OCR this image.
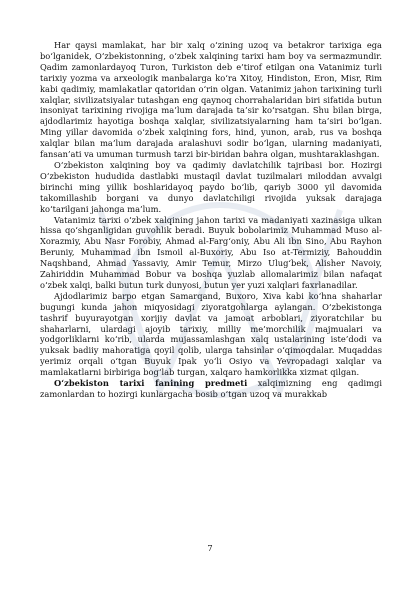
Har qaysi mamlakat, har bir xalq o‘zining uzoq va betakror tarixiga ega bo‘lganidek, O‘zbekistonning, o‘zbek xalqining tarixi ham boy va sermazmundir. Qadim zamonlardayoq Turon, Turkiston deb e’tirof etilgan ona Vatanimiz turli tarixiy yozma va arxeologik manbalarga ko‘ra Xitoy, Hindiston, Eron, Misr, Rim kabi qadimiy, mamlakatlar qatoridan o‘rin olgan. Vatanimiz jahon tarixining turli xalqlar, sivilizatsiyalar tutashgan eng qaynoq chorrahalaridan biri sifatida butun insoniyat tarixining rivojiga ma’lum darajada ta’sir ko‘rsatgan. Shu bilan birga, ajdodlarimiz hayotiga boshqa xalqlar, sivilizatsiyalarning ham ta’siri bo‘lgan. Ming yillar davomida o‘zbek xalqining fors, hind, yunon, arab, rus va boshqa xalqlar bilan ma’lum darajada aralashuvi sodir bo‘lgan, ularning madaniyati, fansan’ati va umuman turmush tarzi bir-biridan bahra olgan, mushtaraklashgan.

O‘zbekiston xalqining boy va qadimiy davlatchilik tajribasi bor. Hozirgi O‘zbekiston hududida dastlabki mustaqil davlat tuzilmalari miloddan avvalgi birinchi ming yillik boshlaridayoq paydo bo‘lib, qariyb 3000 yil davomida takomillashib borgani va dunyo davlatchiligi rivojida yuksak darajaga ko‘tarilgani jahonga ma’lum.

Vatanimiz tarixi o‘zbek xalqining jahon tarixi va madaniyati xazinasiga ulkan hissa qo‘shganligidan guvohlik beradi. Buyuk bobolarimiz Muhammad Muso al-Xorazmiy, Abu Nasr Forobiy, Ahmad al-Farg‘oniy, Abu Ali ibn Sino, Abu Rayhon Beruniy, Muhammad ibn Ismoil al-Buxoriy, Abu Iso at-Termiziy, Bahouddin Naqshband, Ahmad Yassaviy, Amir Temur, Mirzo Ulug‘bek, Alisher Navoiy, Zahiriddin Muhammad Bobur va boshqa yuzlab allomalarimiz bilan nafaqat o‘zbek xalqi, balki butun turk dunyosi, butun yer yuzi xalqlari faxrlanadilar.

Ajdodlarimiz barpo etgan Samarqand, Buxoro, Xiva kabi ko‘hna shaharlar bugungi kunda jahon miqyosidagi ziyoratgohlarga aylangan. O‘zbekistonga tashrif buyurayotgan xorijiy davlat va jamoat arboblari, ziyoratchilar bu shaharlarni, ulardagi ajoyib tarixiy, milliy me’morchilik majmualari va yodgorliklarni ko‘rib, ularda mujassamlashgan xalq ustalarining iste’dodi va yuksak badiiy mahoratiga qoyil qolib, ularga tahsinlar o‘qimoqdalar. Muqaddas yerimiz orqali o‘tgan Buyuk Ipak yo‘li Osiyo va Yevropadagi xalqlar va mamlakatlarni birbiriga bog‘lab turgan, xalqaro hamkorlikka xizmat qilgan.

O‘zbekiston tarixi fanining predmeti xalqimizning eng qadimgi zamonlardan to hozirgi kunlargacha bosib o‘tgan uzoq va murakkab

7
